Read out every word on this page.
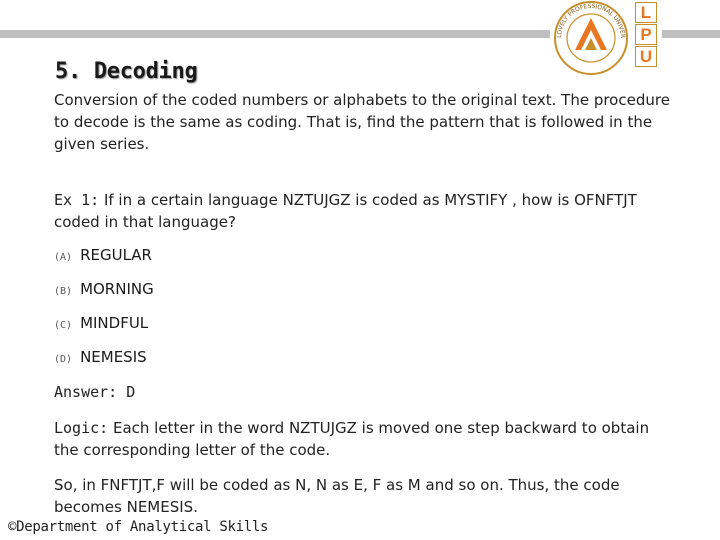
LOVELY PROFESSIONAL UNIVER
L
P
U
5. Decoding
Conversion of the coded numbers or alphabets to the original text. The procedure to decode is the same as coding. That is, find the pattern that is followed in the given series.
Ex 1: If in a certain language NZTUJGZ is coded as MYSTIFY , how is OFNFTJT coded in that language?
(A) REGULAR
(B) MORNING
(C) MINDFUL
(D) NEMESIS
Answer: D
Logic: Each letter in the word NZTUJGZ is moved one step backward to obtain the corresponding letter of the code.
So, in FNFTJT,F will be coded as N, N as E, F as M and so on. Thus, the code becomes NEMESIS.
©Department of Analytical Skills
